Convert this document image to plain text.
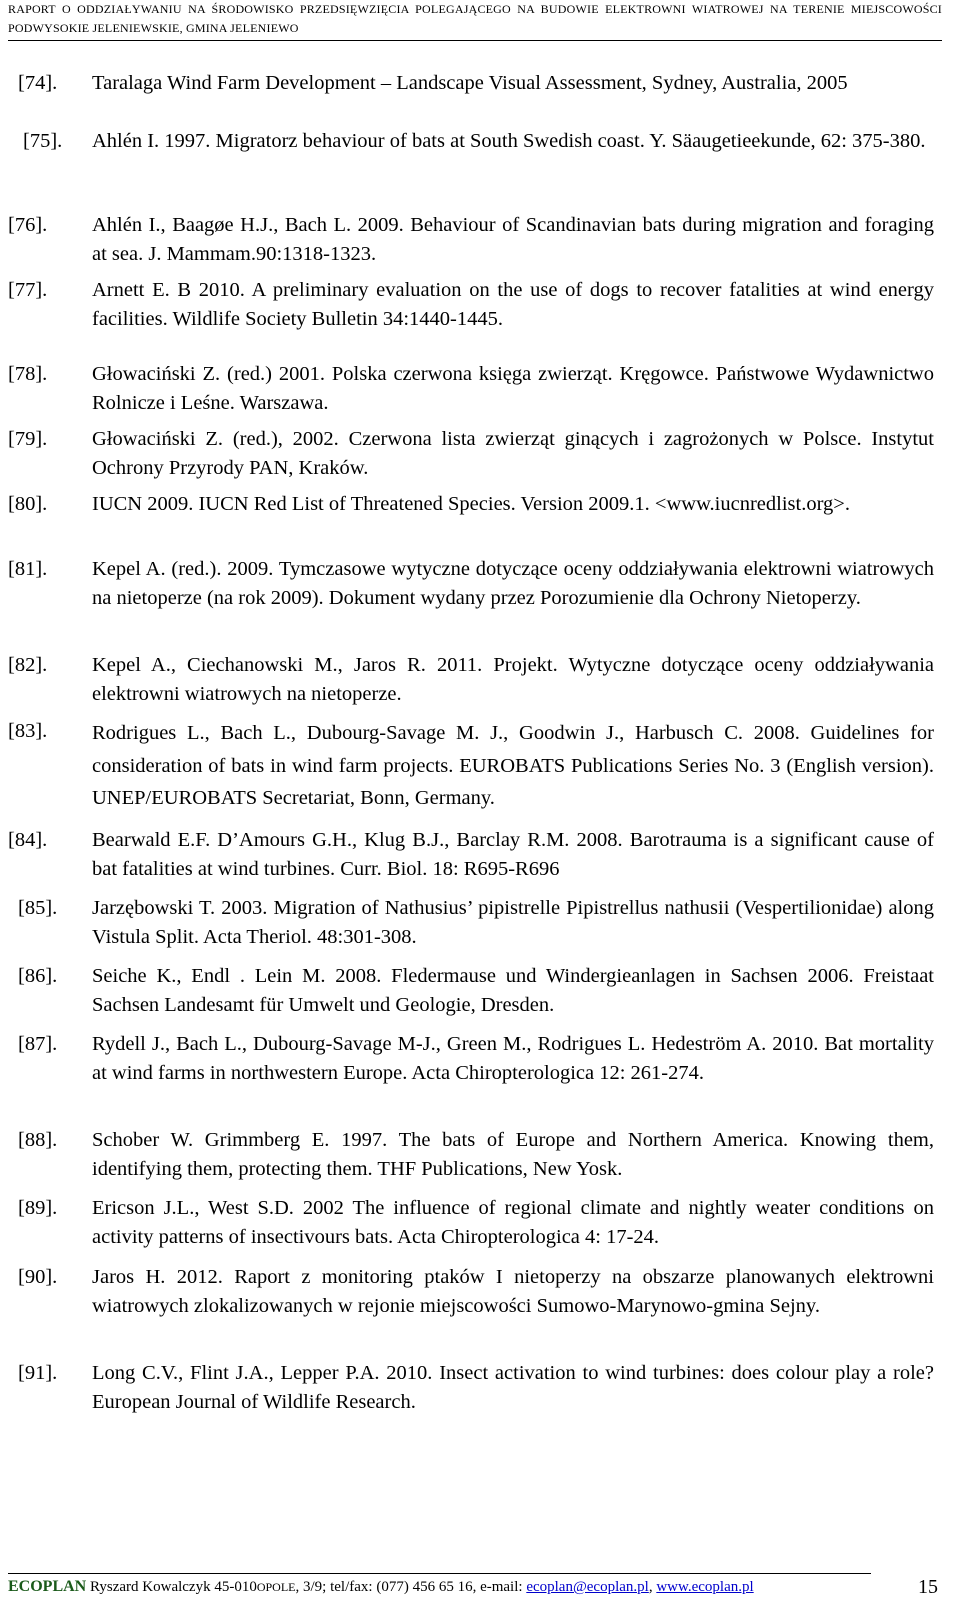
RAPORT O ODDZIAŁYWANIU NA ŚRODOWISKO PRZEDSIĘWZIĘCIA POLEGAJĄCEGO NA BUDOWIE ELEKTROWNI WIATROWEJ NA TERENIE MIEJSCOWOŚCI PODWYSOKIE JELENIEWSKIE, GMINA JELENIEWO
[74]. Taralaga Wind Farm Development – Landscape Visual Assessment, Sydney, Australia, 2005
[75]. Ahlén I. 1997. Migratorz behaviour of bats at South Swedish coast. Y. Säaugetieekunde, 62: 375-380.
[76]. Ahlén I., Baagøe H.J., Bach L. 2009. Behaviour of Scandinavian bats during migration and foraging at sea. J. Mammam.90:1318-1323.
[77]. Arnett E. B 2010. A preliminary evaluation on the use of dogs to recover fatalities at wind energy facilities. Wildlife Society Bulletin 34:1440-1445.
[78]. Głowaciński Z. (red.) 2001. Polska czerwona księga zwierząt. Kręgowce. Państwowe Wydawnictwo Rolnicze i Leśne. Warszawa.
[79]. Głowaciński Z. (red.), 2002. Czerwona lista zwierząt ginących i zagrożonych w Polsce. Instytut Ochrony Przyrody PAN, Kraków.
[80]. IUCN 2009. IUCN Red List of Threatened Species. Version 2009.1. <www.iucnredlist.org>.
[81]. Kepel A. (red.). 2009. Tymczasowe wytyczne dotyczące oceny oddziaływania elektrowni wiatrowych na nietoperze (na rok 2009). Dokument wydany przez Porozumienie dla Ochrony Nietoperzy.
[82]. Kepel A., Ciechanowski M., Jaros R. 2011. Projekt. Wytyczne dotyczące oceny oddziaływania elektrowni wiatrowych na nietoperze.
[83]. Rodrigues L., Bach L., Dubourg-Savage M. J., Goodwin J., Harbusch C. 2008. Guidelines for consideration of bats in wind farm projects. EUROBATS Publications Series No. 3 (English version). UNEP/EUROBATS Secretariat, Bonn, Germany.
[84]. Bearwald E.F. D’Amours G.H., Klug B.J., Barclay R.M. 2008. Barotrauma is a significant cause of bat fatalities at wind turbines. Curr. Biol. 18: R695-R696
[85]. Jarzębowski T. 2003. Migration of Nathusius’ pipistrelle Pipistrellus nathusii (Vespertilionidae) along Vistula Split. Acta Theriol. 48:301-308.
[86]. Seiche K., Endl . Lein M. 2008. Fledermause und Windergieanlagen in Sachsen 2006. Freistaat Sachsen Landesamt für Umwelt und Geologie, Dresden.
[87]. Rydell J., Bach L., Dubourg-Savage M-J., Green M., Rodrigues L. Hedeström A. 2010. Bat mortality at wind farms in northwestern Europe. Acta Chiropterologica 12: 261-274.
[88]. Schober W. Grimmberg E. 1997. The bats of Europe and Northern America. Knowing them, identifying them, protecting them. THF Publications, New Yosk.
[89]. Ericson J.L., West S.D. 2002 The influence of regional climate and nightly weater conditions on activity patterns of insectivours bats. Acta Chiropterologica 4: 17-24.
[90]. Jaros H. 2012. Raport z monitoring ptaków I nietoperzy na obszarze planowanych elektrowni wiatrowych zlokalizowanych w rejonie miejscowości Sumowo-Marynowo-gmina Sejny.
[91]. Long C.V., Flint J.A., Lepper P.A. 2010. Insect activation to wind turbines: does colour play a role? European Journal of Wildlife Research.
ECOPLAN Ryszard Kowalczyk 45-010OPOLE, 3/9; tel/fax: (077) 456 65 16, e-mail: ecoplan@ecoplan.pl, www.ecoplan.pl	15
